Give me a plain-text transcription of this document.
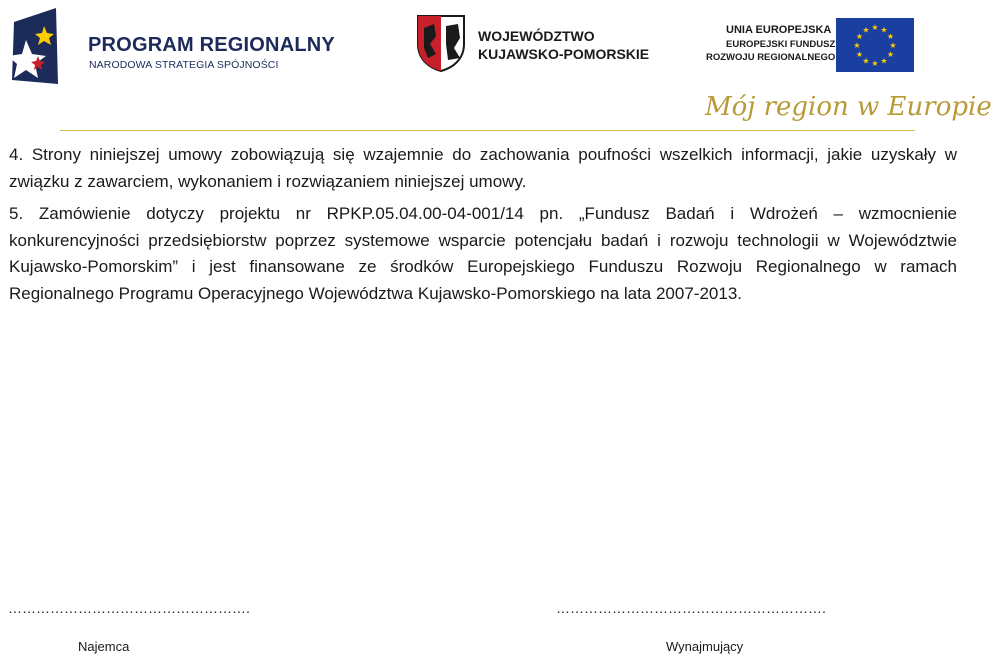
PROGRAM REGIONALNY
NARODOWA STRATEGIA SPÓJNOŚCI
WOJEWÓDZTWO
KUJAWSKO-POMORSKIE
UNIA EUROPEJSKA
EUROPEJSKI FUNDUSZ
ROZWOJU REGIONALNEGO
★ ★
★
★
★
★
★
★
★
★
★
★
Mój region w Europie

4. Strony niniejszej umowy zobowiązują się wzajemnie do zachowania poufności wszelkich informacji, jakie uzyskały w związku z zawarciem, wykonaniem i rozwiązaniem niniejszej umowy.

5. Zamówienie dotyczy projektu nr RPKP.05.04.00-04-001/14 pn. „Fundusz Badań i Wdrożeń – wzmocnienie konkurencyjności przedsiębiorstw poprzez systemowe wsparcie potencjału badań i rozwoju technologii w Województwie Kujawsko-Pomorskim” i jest finansowane ze środków Europejskiego Funduszu Rozwoju Regionalnego w ramach Regionalnego Programu Operacyjnego Województwa Kujawsko-Pomorskiego na lata 2007-2013.

…………………………………………….	………………………………………………….
Najemca	Wynajmujący
